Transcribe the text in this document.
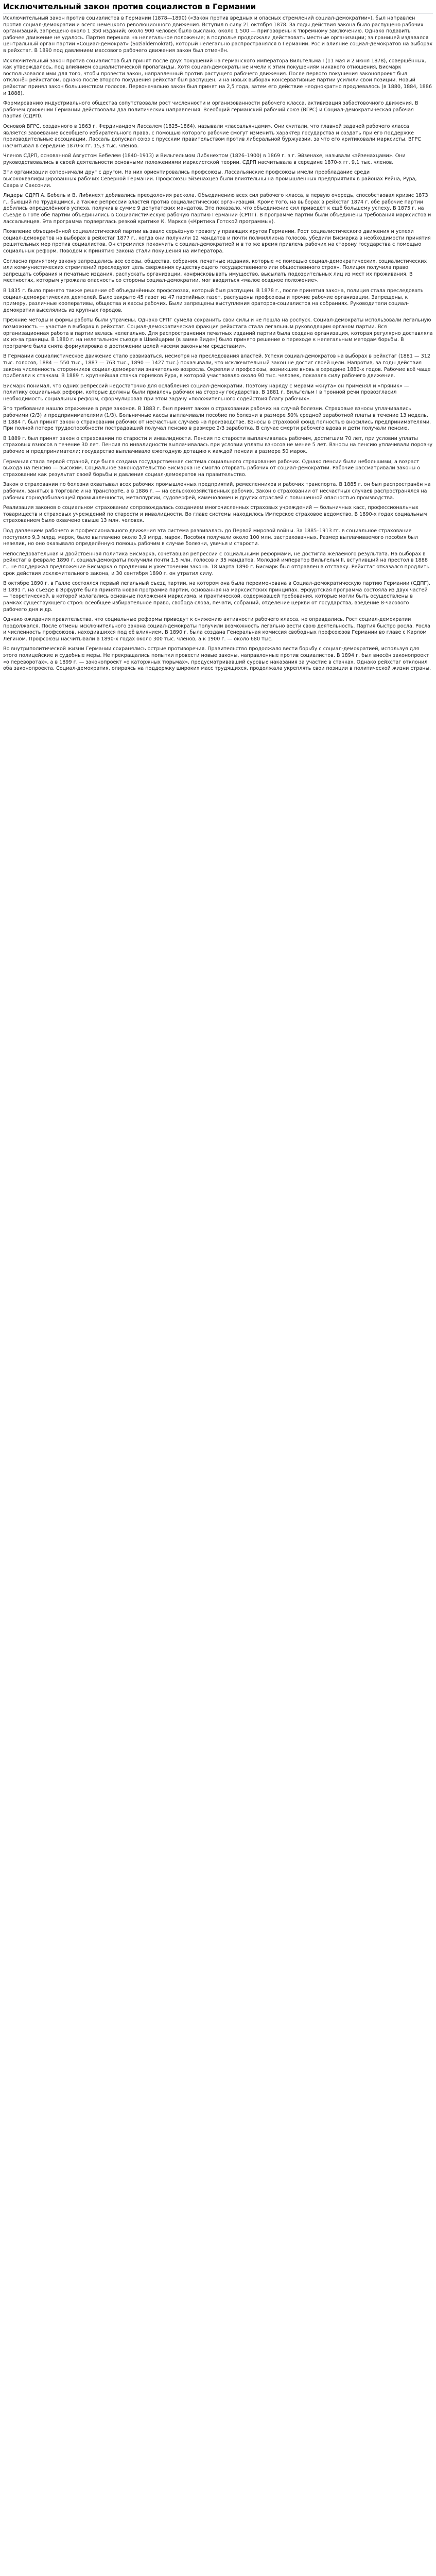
Исключительный закон против социалистов в Германии

Исключительный закон против социалистов в Германии (1878—1890) («Закон против вредных и опасных стремлений социал-демократии»), был направлен против социал-демократии и всего немецкого революционного движения. Вступил в силу 21 октября 1878. За годы действия закона было распущено рабочих организаций, запрещено около 1 350 изданий; около 900 человек было выслано, около 1 500 — приговорены к тюремному заключению. Однако подавить рабочее движение не удалось. Партия перешла на нелегальное положение; в подполье продолжали действовать местные организации; за границей издавался центральный орган партии «Социал-демократ» (Sozialdemokrat), который нелегально распространялся в Германии. Рос и влияние социал-демократов на выборах в рейхстаг. В 1890 под давлением массового рабочего движения закон был отменён.

Исключительный закон против социалистов был принят после двух покушений на германского императора Вильгельма I (11 мая и 2 июня 1878), совершённых, как утверждалось, под влиянием социалистической пропаганды. Хотя социал-демократы не имели к этим покушениям никакого отношения, Бисмарк воспользовался ими для того, чтобы провести закон, направленный против растущего рабочего движения. После первого покушения законопроект был отклонён рейхстагом, однако после второго покушения рейхстаг был распущен, и на новых выборах консервативные партии усилили свои позиции. Новый рейхстаг принял закон большинством голосов. Первоначально закон был принят на 2,5 года, затем его действие неоднократно продлевалось (в 1880, 1884, 1886 и 1888).

Формированию индустриального общества сопутствовали рост численности и организованности рабочего класса, активизация забастовочного движения. В рабочем движении Германии действовали два политических направления: Всеобщий германский рабочий союз (ВГРС) и Социал-демократическая рабочая партия (СДРП).

Основой ВГРС, созданного в 1863 г. Фердинандом Лассалем (1825–1864), называли «лассальянцами». Они считали, что главной задачей рабочего класса является завоевание всеобщего избирательного права, с помощью которого рабочие смогут изменить характер государства и создать при его поддержке производительные ассоциации. Лассаль допускал союз с прусским правительством против либеральной буржуазии, за что его критиковали марксисты. ВГРС насчитывал в середине 1870-х гг. 15,3 тыс. членов.

Членов СДРП, основанной Августом Бебелем (1840–1913) и Вильгельмом Либкнехтом (1826–1900) в 1869 г. в г. Эйзенахе, называли «эйзенахцами». Они руководствовались в своей деятельности основными положениями марксистской теории. СДРП насчитывала в середине 1870-х гг. 9,1 тыс. членов.

Эти организации соперничали друг с другом. На них ориентировались профсоюзы. Лассальянские профсоюзы имели преобладание среди высококвалифицированных рабочих Северной Германии. Профсоюзы эйзенахцев были влиятельны на промышленных предприятиях в районах Рейна, Рура, Саара и Саксонии.

Лидеры СДРП А. Бебель и В. Либкнехт добивались преодоления раскола. Объединению всех сил рабочего класса, в первую очередь, способствовал кризис 1873 г., бьющий по трудящимся, а также репрессии властей против социалистических организаций. Кроме того, на выборах в рейхстаг 1874 г. обе рабочие партии добились определённого успеха, получив в сумме 9 депутатских мандатов. Это показало, что объединение сил приведёт к ещё большему успеху. В 1875 г. на съезде в Готе обе партии объединились в Социалистическую рабочую партию Германии (СРПГ). В программе партии были объединены требования марксистов и лассальянцев. Эта программа подверглась резкой критике К. Маркса («Критика Готской программы»).

Появление объединённой социалистической партии вызвало серьёзную тревогу у правящих кругов Германии. Рост социалистического движения и успехи социал-демократов на выборах в рейхстаг 1877 г., когда они получили 12 мандатов и почти полмиллиона голосов, убедили Бисмарка в необходимости принятия решительных мер против социалистов. Он стремился покончить с социал-демократией и в то же время привлечь рабочих на сторону государства с помощью социальных реформ. Поводом к принятию закона стали покушения на императора.

Согласно принятому закону запрещались все союзы, общества, собрания, печатные издания, которые «с помощью социал-демократических, социалистических или коммунистических стремлений преследуют цель свержения существующего государственного или общественного строя». Полиция получила право запрещать собрания и печатные издания, распускать организации, конфисковывать имущество, высылать подозрительных лиц из мест их проживания. В местностях, которым угрожала опасность со стороны социал-демократии, мог вводиться «малое осадное положение».

В 1835 г. было принято также решение об объединённых профсоюзах, который был распущен. В 1878 г., после принятия закона, полиция стала преследовать социал-демократических деятелей. Было закрыто 45 газет из 47 партийных газет, распущены профсоюзы и прочие рабочие организации. Запрещены, к примеру, различные кооперативы, общества и кассы рабочих. Были запрещены выступления ораторов-социалистов на собраниях. Руководители социал-демократии выселялись из крупных городов.

Прежние методы и формы работы были утрачены. Однако СРПГ сумела сохранить свои силы и не пошла на роспуск. Социал-демократы использовали легальную возможность — участие в выборах в рейхстаг. Социал-демократическая фракция рейхстага стала легальным руководящим органом партии. Вся организационная работа в партии велась нелегально. Для распространения печатных изданий партии была создана организация, которая регулярно доставляла их из-за границы. В 1880 г. на нелегальном съезде в Швейцарии (в замке Виден) было принято решение о переходе к нелегальным методам борьбы. В программе была снята формулировка о достижении целей «всеми законными средствами».

В Германии социалистическое движение стало развиваться, несмотря на преследования властей. Успехи социал-демократов на выборах в рейхстаг (1881 — 312 тыс. голосов, 1884 — 550 тыс., 1887 — 763 тыс., 1890 — 1427 тыс.) показывали, что исключительный закон не достиг своей цели. Напротив, за годы действия закона численность сторонников социал-демократии значительно возросла. Окрепли и профсоюзы, возникшие вновь в середине 1880-х годов. Рабочие всё чаще прибегали к стачкам. В 1889 г. крупнейшая стачка горняков Рура, в которой участвовало около 90 тыс. человек, показала силу рабочего движения.

Бисмарк понимал, что одних репрессий недостаточно для ослабления социал-демократии. Поэтому наряду с мерами «кнута» он применял и «пряник» — политику социальных реформ, которые должны были привлечь рабочих на сторону государства. В 1881 г. Вильгельм I в тронной речи провозгласил необходимость социальных реформ, сформулировав при этом задачу «положительного содействия благу рабочих».

Это требование нашло отражение в ряде законов. В 1883 г. был принят закон о страховании рабочих на случай болезни. Страховые взносы уплачивались рабочими (2/3) и предпринимателями (1/3). Больничные кассы выплачивали пособие по болезни в размере 50% средней заработной платы в течение 13 недель. В 1884 г. был принят закон о страховании рабочих от несчастных случаев на производстве. Взносы в страховой фонд полностью вносились предпринимателями. При полной потере трудоспособности пострадавший получал пенсию в размере 2/3 заработка. В случае смерти рабочего вдова и дети получали пенсию.

В 1889 г. был принят закон о страховании по старости и инвалидности. Пенсия по старости выплачивалась рабочим, достигшим 70 лет, при условии уплаты страховых взносов в течение 30 лет. Пенсия по инвалидности выплачивалась при условии уплаты взносов не менее 5 лет. Взносы на пенсию уплачивали поровну рабочие и предприниматели; государство выплачивало ежегодную дотацию к каждой пенсии в размере 50 марок.

Германия стала первой страной, где была создана государственная система социального страхования рабочих. Однако пенсии были небольшими, а возраст выхода на пенсию — высоким. Социальное законодательство Бисмарка не смогло оторвать рабочих от социал-демократии. Рабочие рассматривали законы о страховании как результат своей борьбы и давления социал-демократов на правительство.

Закон о страховании по болезни охватывал всех рабочих промышленных предприятий, ремесленников и рабочих транспорта. В 1885 г. он был распространён на рабочих, занятых в торговле и на транспорте, а в 1886 г. — на сельскохозяйственных рабочих. Закон о страховании от несчастных случаев распространялся на рабочих горнодобывающей промышленности, металлургии, судоверфей, каменоломен и других отраслей с повышенной опасностью производства.

Реализация законов о социальном страховании сопровождалась созданием многочисленных страховых учреждений — больничных касс, профессиональных товариществ и страховых учреждений по старости и инвалидности. Во главе системы находилось Имперское страховое ведомство. В 1890-х годах социальным страхованием было охвачено свыше 13 млн. человек.

Под давлением рабочего и профессионального движения эта система развивалась до Первой мировой войны. За 1885–1913 гг. в социальное страхование поступило 9,3 млрд. марок, было выплачено около 3,9 млрд. марок. Пособия получали около 100 млн. застрахованных. Размер выплачиваемого пособия был невелик, но оно оказывало определённую помощь рабочим в случае болезни, увечья и старости.

Непоследовательная и двойственная политика Бисмарка, сочетавшая репрессии с социальными реформами, не достигла желаемого результата. На выборах в рейхстаг в феврале 1890 г. социал-демократы получили почти 1,5 млн. голосов и 35 мандатов. Молодой император Вильгельм II, вступивший на престол в 1888 г., не поддержал предложение Бисмарка о продлении и ужесточении закона. 18 марта 1890 г. Бисмарк был отправлен в отставку. Рейхстаг отказался продлить срок действия исключительного закона, и 30 сентября 1890 г. он утратил силу.

В октябре 1890 г. в Галле состоялся первый легальный съезд партии, на котором она была переименована в Социал-демократическую партию Германии (СДПГ). В 1891 г. на съезде в Эрфурте была принята новая программа партии, основанная на марксистских принципах. Эрфуртская программа состояла из двух частей — теоретической, в которой излагались основные положения марксизма, и практической, содержавшей требования, которые могли быть осуществлены в рамках существующего строя: всеобщее избирательное право, свобода слова, печати, собраний, отделение церкви от государства, введение 8-часового рабочего дня и др.

Однако ожидания правительства, что социальные реформы приведут к снижению активности рабочего класса, не оправдались. Рост социал-демократии продолжался. После отмены исключительного закона социал-демократы получили возможность легально вести свою деятельность. Партия быстро росла. Росла и численность профсоюзов, находившихся под её влиянием. В 1890 г. была создана Генеральная комиссия свободных профсоюзов Германии во главе с Карлом Легином. Профсоюзы насчитывали в 1890-х годах около 300 тыс. членов, а к 1900 г. — около 680 тыс.

Во внутриполитической жизни Германии сохранялись острые противоречия. Правительство продолжало вести борьбу с социал-демократией, используя для этого полицейские и судебные меры. Не прекращались попытки провести новые законы, направленные против социалистов. В 1894 г. был внесён законопроект «о переворотах», а в 1899 г. — законопроект «о каторжных тюрьмах», предусматривавший суровые наказания за участие в стачках. Однако рейхстаг отклонил оба законопроекта. Социал-демократия, опираясь на поддержку широких масс трудящихся, продолжала укреплять свои позиции в политической жизни страны.
